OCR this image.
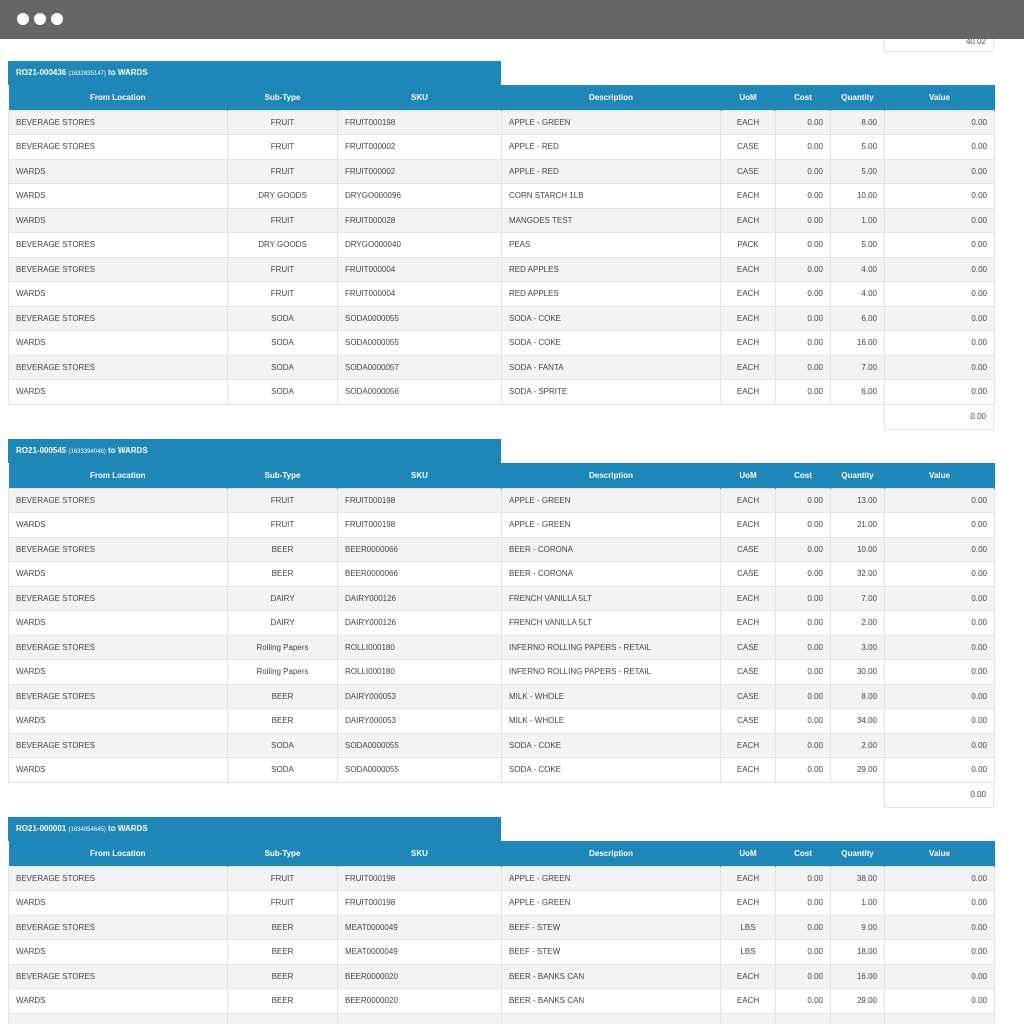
40.02
RO21-000436 (1632835147) to WARDS
From Location	Sub-Type	SKU	Description	UoM	Cost	Quantity	Value
BEVERAGE STORES	FRUIT	FRUIT000198	APPLE - GREEN	EACH	0.00	8.00	0.00
BEVERAGE STORES	FRUIT	FRUIT000002	APPLE - RED	CASE	0.00	5.00	0.00
WARDS	FRUIT	FRUIT000002	APPLE - RED	CASE	0.00	5.00	0.00
WARDS	DRY GOODS	DRYGO000096	CORN STARCH 1LB	EACH	0.00	10.00	0.00
WARDS	FRUIT	FRUIT000028	MANGOES TEST	EACH	0.00	1.00	0.00
BEVERAGE STORES	DRY GOODS	DRYGO000040	PEAS	PACK	0.00	5.00	0.00
BEVERAGE STORES	FRUIT	FRUIT000004	RED APPLES	EACH	0.00	4.00	0.00
WARDS	FRUIT	FRUIT000004	RED APPLES	EACH	0.00	4.00	0.00
BEVERAGE STORES	SODA	SODA0000055	SODA - COKE	EACH	0.00	6.00	0.00
WARDS	SODA	SODA0000055	SODA - COKE	EACH	0.00	16.00	0.00
BEVERAGE STORES	SODA	SODA0000057	SODA - FANTA	EACH	0.00	7.00	0.00
WARDS	SODA	SODA0000056	SODA - SPRITE	EACH	0.00	6.00	0.00
0.00
RO21-000545 (1633394046) to WARDS
From Location	Sub-Type	SKU	Description	UoM	Cost	Quantity	Value
BEVERAGE STORES	FRUIT	FRUIT000198	APPLE - GREEN	EACH	0.00	13.00	0.00
WARDS	FRUIT	FRUIT000198	APPLE - GREEN	EACH	0.00	21.00	0.00
BEVERAGE STORES	BEER	BEER0000066	BEER - CORONA	CASE	0.00	10.00	0.00
WARDS	BEER	BEER0000066	BEER - CORONA	CASE	0.00	32.00	0.00
BEVERAGE STORES	DAIRY	DAIRY000126	FRENCH VANILLA 5LT	EACH	0.00	7.00	0.00
WARDS	DAIRY	DAIRY000126	FRENCH VANILLA 5LT	EACH	0.00	2.00	0.00
BEVERAGE STORES	Rolling Papers	ROLLI000180	INFERNO ROLLING PAPERS - RETAIL	CASE	0.00	3.00	0.00
WARDS	Rolling Papers	ROLLI000180	INFERNO ROLLING PAPERS - RETAIL	CASE	0.00	30.00	0.00
BEVERAGE STORES	BEER	DAIRY000053	MILK - WHOLE	CASE	0.00	8.00	0.00
WARDS	BEER	DAIRY000053	MILK - WHOLE	CASE	0.00	34.00	0.00
BEVERAGE STORES	SODA	SODA0000055	SODA - COKE	EACH	0.00	2.00	0.00
WARDS	SODA	SODA0000055	SODA - COKE	EACH	0.00	29.00	0.00
0.00
RO21-000001 (1634054645) to WARDS
From Location	Sub-Type	SKU	Description	UoM	Cost	Quantity	Value
BEVERAGE STORES	FRUIT	FRUIT000198	APPLE - GREEN	EACH	0.00	38.00	0.00
WARDS	FRUIT	FRUIT000198	APPLE - GREEN	EACH	0.00	1.00	0.00
BEVERAGE STORES	BEER	MEAT0000049	BEEF - STEW	LBS	0.00	9.00	0.00
WARDS	BEER	MEAT0000049	BEEF - STEW	LBS	0.00	18.00	0.00
BEVERAGE STORES	BEER	BEER0000020	BEER - BANKS CAN	EACH	0.00	16.00	0.00
WARDS	BEER	BEER0000020	BEER - BANKS CAN	EACH	0.00	29.00	0.00
